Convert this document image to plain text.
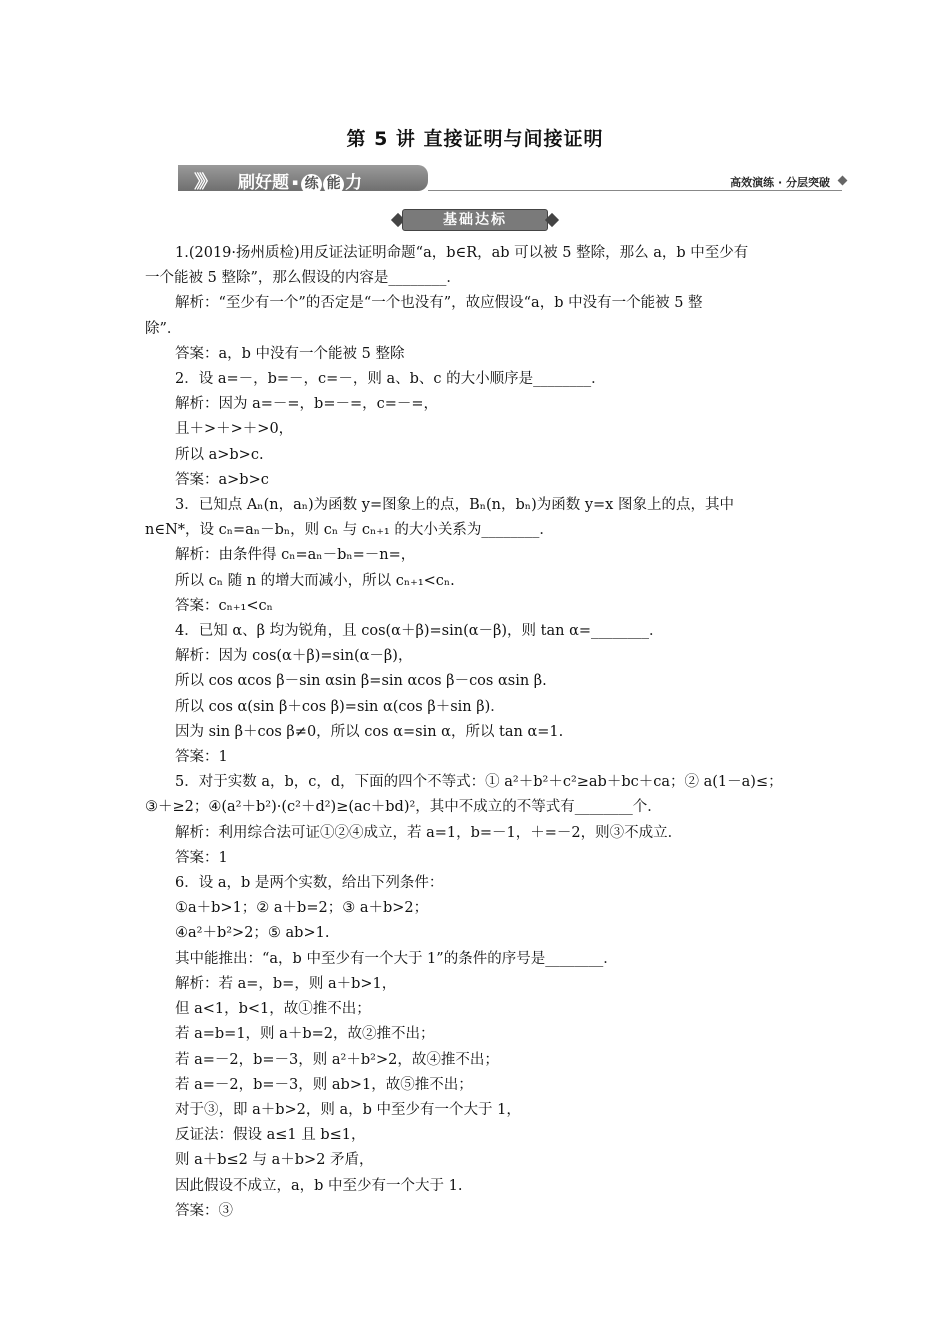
第 5 讲 直接证明与间接证明
》》 刷好题 ▪ 练 能 力	高效演练 · 分层突破
基础达标
1.(2019·扬州质检)用反证法证明命题“a，b∈R，ab 可以被 5 整除，那么 a，b 中至少有
一个能被 5 整除”，那么假设的内容是________．
解析：“至少有一个”的否定是“一个也没有”，故应假设“a，b 中没有一个能被 5 整
除”．
答案：a，b 中没有一个能被 5 整除
2．设 a=－，b=－，c=－，则 a、b、c 的大小顺序是________．
解析：因为 a=－=，b=－=，c=－=，
且＋>＋>＋>0，
所以 a>b>c.
答案：a>b>c
3．已知点 Aₙ(n，aₙ)为函数 y=图象上的点，Bₙ(n，bₙ)为函数 y=x 图象上的点，其中
n∈N*，设 cₙ=aₙ－bₙ，则 cₙ 与 cₙ₊₁ 的大小关系为________．
解析：由条件得 cₙ=aₙ－bₙ=－n=，
所以 cₙ 随 n 的增大而减小，所以 cₙ₊₁<cₙ.
答案：cₙ₊₁<cₙ
4．已知 α、β 均为锐角，且 cos(α＋β)=sin(α－β)，则 tan α=________．
解析：因为 cos(α＋β)=sin(α－β)，
所以 cos αcos β－sin αsin β=sin αcos β－cos αsin β.
所以 cos α(sin β＋cos β)=sin α(cos β＋sin β)．
因为 sin β＋cos β≠0，所以 cos α=sin α，所以 tan α=1.
答案：1
5．对于实数 a，b，c，d，下面的四个不等式：① a²＋b²＋c²≥ab＋bc＋ca；② a(1－a)≤；
③＋≥2；④(a²＋b²)·(c²＋d²)≥(ac＋bd)²，其中不成立的不等式有________个．
解析：利用综合法可证①②④成立，若 a=1，b=－1，＋=－2，则③不成立．
答案：1
6．设 a，b 是两个实数，给出下列条件：
①a＋b>1；② a＋b=2；③ a＋b>2；
④a²＋b²>2；⑤ ab>1.
其中能推出：“a，b 中至少有一个大于 1”的条件的序号是________．
解析：若 a=，b=，则 a＋b>1，
但 a<1，b<1，故①推不出；
若 a=b=1，则 a＋b=2，故②推不出；
若 a=－2，b=－3，则 a²＋b²>2，故④推不出；
若 a=－2，b=－3，则 ab>1，故⑤推不出；
对于③，即 a＋b>2，则 a，b 中至少有一个大于 1，
反证法：假设 a≤1 且 b≤1，
则 a＋b≤2 与 a＋b>2 矛盾，
因此假设不成立，a，b 中至少有一个大于 1.
答案：③
